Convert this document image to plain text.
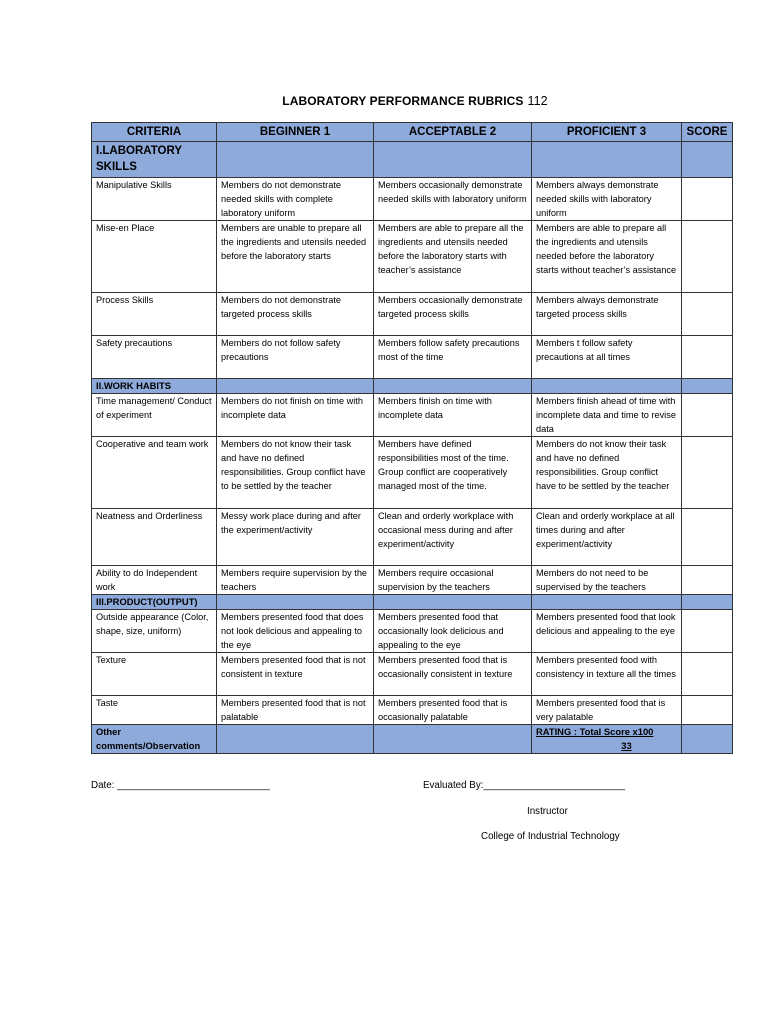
LABORATORY PERFORMANCE RUBRICS 112
CRITERIA	BEGINNER 1	ACCEPTABLE 2	PROFICIENT 3	SCORE
I.LABORATORY SKILLS				
Manipulative Skills	Members do not demonstrate needed skills with complete laboratory uniform	Members occasionally demonstrate needed skills with laboratory uniform	Members always demonstrate needed skills with laboratory uniform	
Mise-en Place	Members are unable to prepare all the ingredients and utensils needed before the laboratory starts	Members are able to prepare all the ingredients and utensils needed before the laboratory starts with teacher’s assistance	Members are able to prepare all the ingredients and utensils needed before the laboratory starts without teacher’s assistance	
Process Skills	Members do not demonstrate targeted process skills	Members occasionally demonstrate targeted process skills	Members always demonstrate targeted process skills	
Safety precautions	Members do not follow safety precautions	Members follow safety precautions most of the time	Members t follow safety precautions at all times	
II.WORK HABITS				
Time management/ Conduct of experiment	Members do not finish on time with incomplete data	Members finish on time with incomplete data	Members finish ahead of time with incomplete data and time to revise data	
Cooperative and team work	Members do not know their task and have no defined responsibilities. Group conflict have to be settled by the teacher	Members have defined responsibilities most of the time. Group conflict are cooperatively managed most of the time.	Members do not know their task and have no defined responsibilities. Group conflict have to be settled by the teacher	
Neatness and Orderliness	Messy work place during and after the experiment/activity	Clean and orderly workplace with occasional mess during and after experiment/activity	Clean and orderly workplace at all times during and after experiment/activity	
Ability to do Independent work	Members require supervision by the teachers	Members require occasional supervision by the teachers	Members do not need to be supervised by the teachers	
III.PRODUCT(OUTPUT)				
Outside appearance (Color, shape, size, uniform)	Members presented food that does not look delicious and appealing to the eye	Members presented food that occasionally look delicious and appealing to the eye	Members presented food that look delicious and appealing to the eye	
Texture	Members presented food that is not consistent in texture	Members presented food that is occasionally consistent in texture	Members presented food with consistency in texture all the times	
Taste	Members presented food that is not palatable	Members presented food that is occasionally palatable	Members presented food that is very palatable	
Other comments/Observation			RATING : Total Score x100
33	

Date: ____________________________	Evaluated By:__________________________
Instructor
College of Industrial Technology
